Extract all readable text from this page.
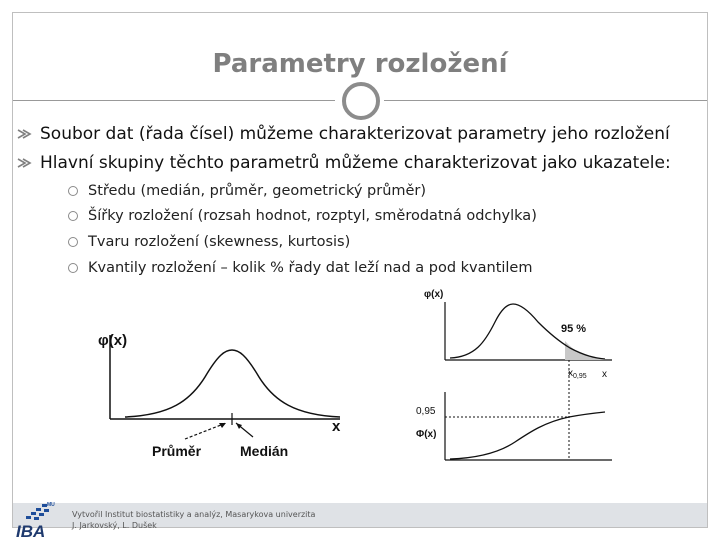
Parametry rozložení
Soubor dat (řada čísel) můžeme charakterizovat parametry jeho rozložení
Hlavní skupiny těchto parametrů můžeme charakterizovat jako ukazatele:
Středu (medián, průměr, geometrický průměr)
Šířky rozložení (rozsah hodnot, rozptyl, směrodatná odchylka)
Tvaru rozložení (skewness, kurtosis)
Kvantily rozložení – kolik % řady dat leží nad a pod kvantilem
φ(x)
x
Průměr	Medián
φ(x)
95 %
$x_{0,95}$ x
0,95
Φ(x)
Vytvořil Institut biostatistiky a analýz, Masarykova univerzita
J. Jarkovský, L. Dušek
MU
IBA
